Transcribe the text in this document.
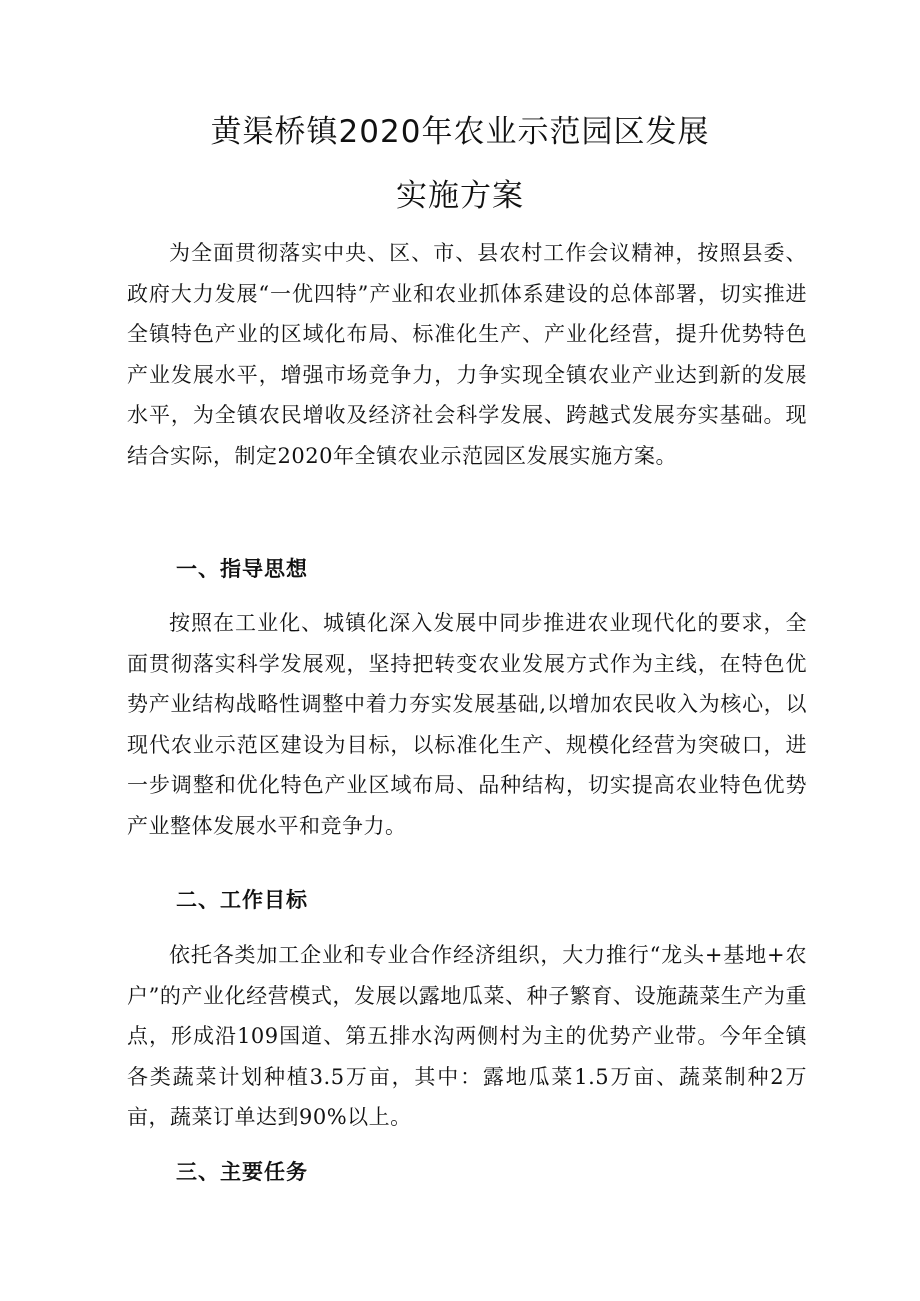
黄渠桥镇2020年农业示范园区发展
实施方案

为全面贯彻落实中央、区、市、县农村工作会议精神，按照县委、政府大力发展“一优四特”产业和农业抓体系建设的总体部署，切实推进全镇特色产业的区域化布局、标准化生产、产业化经营，提升优势特色产业发展水平，增强市场竞争力，力争实现全镇农业产业达到新的发展水平，为全镇农民增收及经济社会科学发展、跨越式发展夯实基础。现结合实际，制定2020年全镇农业示范园区发展实施方案。

一、指导思想

按照在工业化、城镇化深入发展中同步推进农业现代化的要求，全面贯彻落实科学发展观，坚持把转变农业发展方式作为主线，在特色优势产业结构战略性调整中着力夯实发展基础,以增加农民收入为核心，以现代农业示范区建设为目标，以标准化生产、规模化经营为突破口，进一步调整和优化特色产业区域布局、品种结构，切实提高农业特色优势产业整体发展水平和竞争力。

二、工作目标

依托各类加工企业和专业合作经济组织，大力推行“龙头+基地+农户”的产业化经营模式，发展以露地瓜菜、种子繁育、设施蔬菜生产为重点，形成沿109国道、第五排水沟两侧村为主的优势产业带。今年全镇各类蔬菜计划种植3.5万亩，其中：露地瓜菜1.5万亩、蔬菜制种2万亩，蔬菜订单达到90%以上。

三、主要任务
